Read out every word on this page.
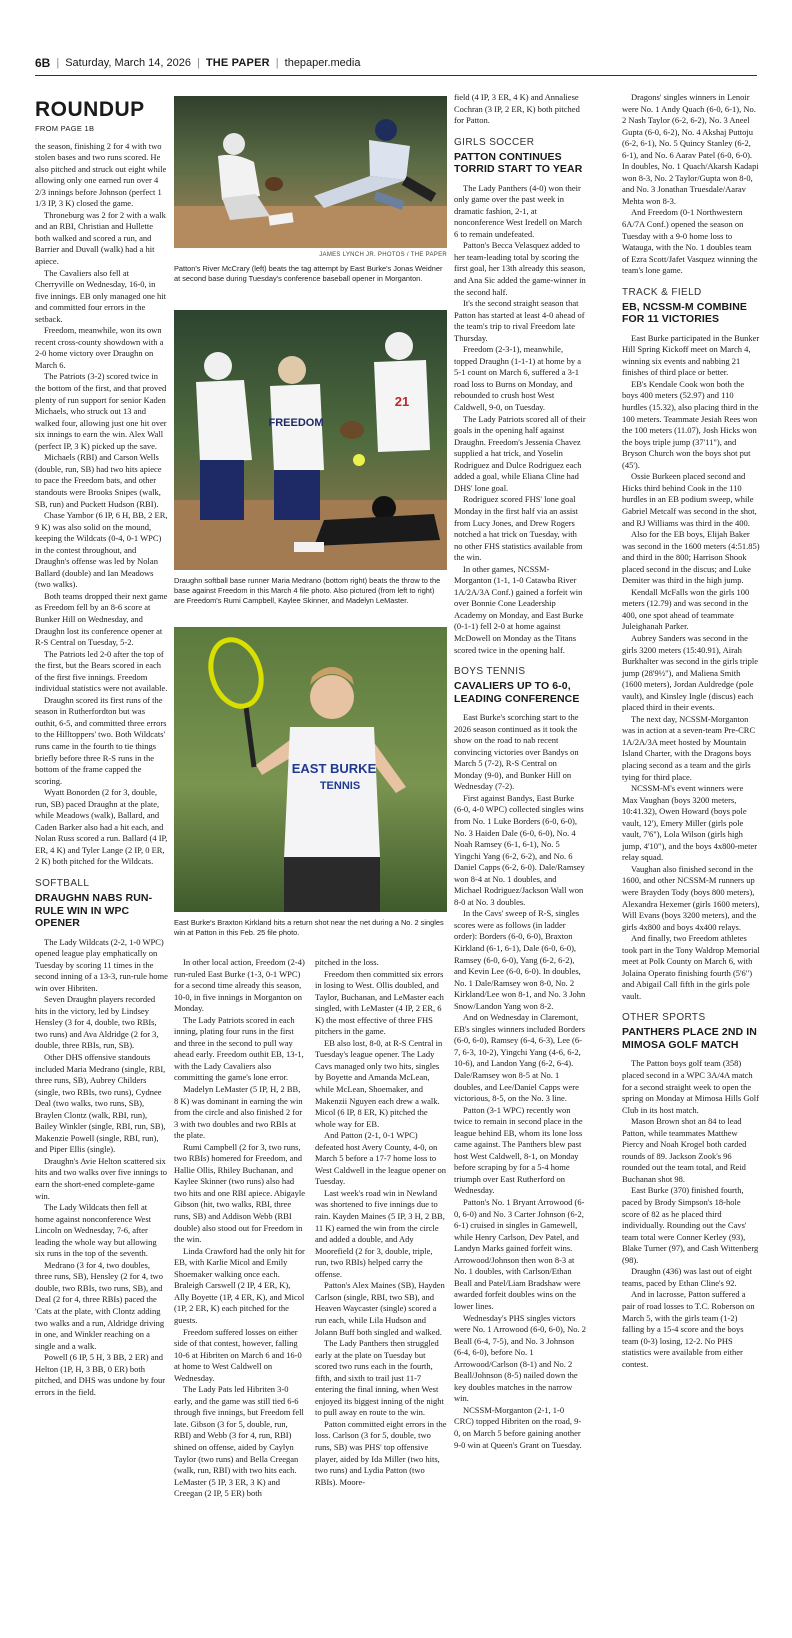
6B | Saturday, March 14, 2026 | THE PAPER | thepaper.media
ROUNDUP
FROM PAGE 1B

the season, finishing 2 for 4 with two stolen bases and two runs scored. He also pitched and struck out eight while allowing only one earned run over 4 2/3 innings before Johnson (perfect 1 1/3 IP, 3 K) closed the game.

Throneburg was 2 for 2 with a walk and an RBI, Christian and Hullette both walked and scored a run, and Barrier and Duvall (walk) had a hit apiece.

The Cavaliers also fell at Cherryville on Wednesday, 16-0, in five innings. EB only managed one hit and committed four errors in the setback.

Freedom, meanwhile, won its own recent cross-county showdown with a 2-0 home victory over Draughn on March 6.

The Patriots (3-2) scored twice in the bottom of the first, and that proved plenty of run support for senior Kaden Michaels, who struck out 13 and walked four, allowing just one hit over six innings to earn the win. Alex Wall (perfect IP, 3 K) picked up the save.

Michaels (RBI) and Carson Wells (double, run, SB) had two hits apiece to pace the Freedom bats, and other standouts were Brooks Snipes (walk, SB, run) and Puckett Hudson (RBI).

Chase Yambor (6 IP, 6 H, BB, 2 ER, 9 K) was also solid on the mound, keeping the Wildcats (0-4, 0-1 WPC) in the contest throughout, and Draughn's offense was led by Nolan Ballard (double) and Ian Meadows (two walks).

Both teams dropped their next game as Freedom fell by an 8-6 score at Bunker Hill on Wednesday, and Draughn lost its conference opener at R-S Central on Tuesday, 5-2.

The Patriots led 2-0 after the top of the first, but the Bears scored in each of the first five innings. Freedom individual statistics were not available.

Draughn scored its first runs of the season in Rutherfordton but was outhit, 6-5, and committed three errors to the Hilltoppers' two. Both Wildcats' runs came in the fourth to tie things briefly before three R-S runs in the bottom of the frame capped the scoring.

Wyatt Bonorden (2 for 3, double, run, SB) paced Draughn at the plate, while Meadows (walk), Ballard, and Caden Barker also had a hit each, and Nolan Russ scored a run. Ballard (4 IP, ER, 4 K) and Tyler Lange (2 IP, 0 ER, 2 K) both pitched for the Wildcats.

SOFTBALL
DRAUGHN NABS RUN-RULE WIN IN WPC OPENER

The Lady Wildcats (2-2, 1-0 WPC) opened league play emphatically on Tuesday by scoring 11 times in the second inning of a 13-3, run-rule home win over Hibriten.

Seven Draughn players recorded hits in the victory, led by Lindsey Hensley (3 for 4, double, two RBIs, two runs) and Ava Aldridge (2 for 3, double, three RBIs, run, SB).

Other DHS offensive standouts included Maria Medrano (single, RBI, three runs, SB), Aubrey Childers (single, two RBIs, two runs), Cydnee Deal (two walks, two runs, SB), Braylen Clontz (walk, RBI, run), Bailey Winkler (single, RBI, run, SB), Makenzie Powell (single, RBI, run), and Piper Ellis (single).

Draughn's Avie Helton scattered six hits and two walks over five innings to earn the short-ened complete-game win.

The Lady Wildcats then fell at home against nonconference West Lincoln on Wednesday, 7-6, after leading the whole way but allowing six runs in the top of the seventh.

Medrano (3 for 4, two doubles, three runs, SB), Hensley (2 for 4, two double, two RBIs, two runs, SB), and Deal (2 for 4, three RBIs) paced the 'Cats at the plate, with Clontz adding two walks and a run, Aldridge driving in one, and Winkler reaching on a single and a walk.

Powell (6 IP, 5 H, 3 BB, 2 ER) and Helton (1P, H, 3 BB, 0 ER) both pitched, and DHS was undone by four errors in the field.

JAMES LYNCH JR. PHOTOS / THE PAPER
Patton's River McCrary (left) beats the tag attempt by East Burke's Jonas Weidner at second base during Tuesday's conference baseball opener in Morganton.
21
FREEDOM
Draughn softball base runner Maria Medrano (bottom right) beats the throw to the base against Freedom in this March 4 file photo. Also pictured (from left to right) are Freedom's Rumi Campbell, Kaylee Skinner, and Madelyn LeMaster.
EAST BURKE
TENNIS
East Burke's Braxton Kirkland hits a return shot near the net during a No. 2 singles win at Patton in this Feb. 25 file photo.

In other local action, Freedom (2-4) run-ruled East Burke (1-3, 0-1 WPC) for a second time already this season, 10-0, in five innings in Morganton on Monday.

The Lady Patriots scored in each inning, plating four runs in the first and three in the second to pull way ahead early. Freedom outhit EB, 13-1, with the Lady Cavaliers also committing the game's lone error.

Madelyn LeMaster (5 IP, H, 2 BB, 8 K) was dominant in earning the win from the circle and also finished 2 for 3 with two doubles and two RBIs at the plate.

Rumi Campbell (2 for 3, two runs, two RBIs) homered for Freedom, and Hallie Ollis, Rhiley Buchanan, and Kaylee Skinner (two runs) also had two hits and one RBI apiece. Abigayle Gibson (hit, two walks, RBI, three runs, SB) and Addison Webb (RBI double) also stood out for Freedom in the win.

Linda Crawford had the only hit for EB, with Karlie Micol and Emily Shoemaker walking once each. Braleigh Carswell (2 IP, 4 ER, K), Ally Boyette (1P, 4 ER, K), and Micol (1P, 2 ER, K) each pitched for the guests.

Freedom suffered losses on either side of that contest, however, falling 10-6 at Hibriten on March 6 and 16-0 at home to West Caldwell on Wednesday.

The Lady Pats led Hibriten 3-0 early, and the game was still tied 6-6 through five innings, but Freedom fell late. Gibson (3 for 5, double, run, RBI) and Webb (3 for 4, run, RBI) shined on offense, aided by Caylyn Taylor (two runs) and Bella Creegan (walk, run, RBI) with two hits each. LeMaster (5 IP, 3 ER, 3 K) and Creegan (2 IP, 5 ER) both

pitched in the loss.

Freedom then committed six errors in losing to West. Ollis doubled, and Taylor, Buchanan, and LeMaster each singled, with LeMaster (4 IP, 2 ER, 6 K) the most effective of three FHS pitchers in the game.

EB also lost, 8-0, at R-S Central in Tuesday's league opener. The Lady Cavs managed only two hits, singles by Boyette and Amanda McLean, while McLean, Shoemaker, and Makenzii Nguyen each drew a walk. Micol (6 IP, 8 ER, K) pitched the whole way for EB.

And Patton (2-1, 0-1 WPC) defeated host Avery County, 4-0, on March 5 before a 17-7 home loss to West Caldwell in the league opener on Tuesday.

Last week's road win in Newland was shortened to five innings due to rain. Kayden Maines (5 IP, 3 H, 2 BB, 11 K) earned the win from the circle and added a double, and Ady Moorefield (2 for 3, double, triple, run, two RBIs) helped carry the offense.

Patton's Alex Maines (SB), Hayden Carlson (single, RBI, two SB), and Heaven Waycaster (single) scored a run each, while Lila Hudson and Jolann Buff both singled and walked.

The Lady Panthers then struggled early at the plate on Tuesday but scored two runs each in the fourth, fifth, and sixth to trail just 11-7 entering the final inning, when West enjoyed its biggest inning of the night to pull away en route to the win.

Patton committed eight errors in the loss. Carlson (3 for 5, double, two runs, SB) was PHS' top offensive player, aided by Ida Miller (two hits, two runs) and Lydia Patton (two RBIs). Moore-

field (4 IP, 3 ER, 4 K) and Annaliese Cochran (3 IP, 2 ER, K) both pitched for Patton.

GIRLS SOCCER
PATTON CONTINUES TORRID START TO YEAR

The Lady Panthers (4-0) won their only game over the past week in dramatic fashion, 2-1, at nonconference West Iredell on March 6 to remain undefeated.

Patton's Becca Velasquez added to her team-leading total by scoring the first goal, her 13th already this season, and Ana Sic added the game-winner in the second half.

It's the second straight season that Patton has started at least 4-0 ahead of the team's trip to rival Freedom late Thursday.

Freedom (2-3-1), meanwhile, topped Draughn (1-1-1) at home by a 5-1 count on March 6, suffered a 3-1 road loss to Burns on Monday, and rebounded to crush host West Caldwell, 9-0, on Tuesday.

The Lady Patriots scored all of their goals in the opening half against Draughn. Freedom's Jessenia Chavez supplied a hat trick, and Yoselin Rodriguez and Dulce Rodriguez each added a goal, while Eliana Cline had DHS' lone goal.

Rodriguez scored FHS' lone goal Monday in the first half via an assist from Lucy Jones, and Drew Rogers notched a hat trick on Tuesday, with no other FHS statistics available from the win.

In other games, NCSSM-Morganton (1-1, 1-0 Catawba River 1A/2A/3A Conf.) gained a forfeit win over Bonnie Cone Leadership Academy on Monday, and East Burke (0-1-1) fell 2-0 at home against McDowell on Monday as the Titans scored twice in the opening half.

BOYS TENNIS
CAVALIERS UP TO 6-0, LEADING CONFERENCE

East Burke's scorching start to the 2026 season continued as it took the show on the road to nab recent convincing victories over Bandys on March 5 (7-2), R-S Central on Monday (9-0), and Bunker Hill on Wednesday (7-2).

First against Bandys, East Burke (6-0, 4-0 WPC) collected singles wins from No. 1 Luke Borders (6-0, 6-0), No. 3 Haiden Dale (6-0, 6-0), No. 4 Noah Ramsey (6-1, 6-1), No. 5 Yingchi Yang (6-2, 6-2), and No. 6 Daniel Capps (6-2, 6-0). Dale/Ramsey won 8-4 at No. 1 doubles, and Michael Rodriguez/Jackson Wall won 8-0 at No. 3 doubles.

In the Cavs' sweep of R-S, singles scores were as follows (in ladder order): Borders (6-0, 6-0), Braxton Kirkland (6-1, 6-1), Dale (6-0, 6-0), Ramsey (6-0, 6-0), Yang (6-2, 6-2), and Kevin Lee (6-0, 6-0). In doubles, No. 1 Dale/Ramsey won 8-0, No. 2 Kirkland/Lee won 8-1, and No. 3 John Snow/Landon Yang won 8-2.

And on Wednesday in Claremont, EB's singles winners included Borders (6-0, 6-0), Ramsey (6-4, 6-3), Lee (6-7, 6-3, 10-2), Yingchi Yang (4-6, 6-2, 10-6), and Landon Yang (6-2, 6-4). Dale/Ramsey won 8-5 at No. 1 doubles, and Lee/Daniel Capps were victorious, 8-5, on the No. 3 line.

Patton (3-1 WPC) recently won twice to remain in second place in the league behind EB, whom its lone loss came against. The Panthers blew past host West Caldwell, 8-1, on Monday before scraping by for a 5-4 home triumph over East Rutherford on Wednesday.

Patton's No. 1 Bryant Arrowood (6-0, 6-0) and No. 3 Carter Johnson (6-2, 6-1) cruised in singles in Gamewell, while Henry Carlson, Dev Patel, and Landyn Marks gained forfeit wins. Arrowood/Johnson then won 8-3 at No. 1 doubles, with Carlson/Ethan Beall and Patel/Liam Bradshaw were awarded forfeit doubles wins on the lower lines.

Wednesday's PHS singles victors were No. 1 Arrowood (6-0, 6-0), No. 2 Beall (6-4, 7-5), and No. 3 Johnson (6-4, 6-0), before No. 1 Arrowood/Carlson (8-1) and No. 2 Beall/Johnson (8-5) nailed down the key doubles matches in the narrow win.

NCSSM-Morganton (2-1, 1-0 CRC) topped Hibriten on the road, 9-0, on March 5 before gaining another 9-0 win at Queen's Grant on Tuesday.

Dragons' singles winners in Lenoir were No. 1 Andy Quach (6-0, 6-1), No. 2 Nash Taylor (6-2, 6-2), No. 3 Aneel Gupta (6-0, 6-2), No. 4 Akshaj Puttoju (6-2, 6-1), No. 5 Quincy Stanley (6-2, 6-1), and No. 6 Aarav Patel (6-0, 6-0). In doubles, No. 1 Quach/Akarsh Kadapi won 8-3, No. 2 Taylor/Gupta won 8-0, and No. 3 Jonathan Truesdale/Aarav Mehta won 8-3.

And Freedom (0-1 Northwestern 6A/7A Conf.) opened the season on Tuesday with a 9-0 home loss to Watauga, with the No. 1 doubles team of Ezra Scott/Jafet Vasquez winning the team's lone game.

TRACK & FIELD
EB, NCSSM-M COMBINE FOR 11 VICTORIES

East Burke participated in the Bunker Hill Spring Kickoff meet on March 4, winning six events and nabbing 21 finishes of third place or better.

EB's Kendale Cook won both the boys 400 meters (52.97) and 110 hurdles (15.32), also placing third in the 100 meters. Teammate Jesiah Rees won the 100 meters (11.07), Josh Hicks won the boys triple jump (37'11"), and Bryson Church won the boys shot put (45').

Ossie Burkeen placed second and Hicks third behind Cook in the 110 hurdles in an EB podium sweep, while Gabriel Metcalf was second in the shot, and RJ Williams was third in the 400.

Also for the EB boys, Elijah Baker was second in the 1600 meters (4:51.85) and third in the 800; Harrison Shook placed second in the discus; and Luke Demiter was third in the high jump.

Kendall McFalls won the girls 100 meters (12.79) and was second in the 400, one spot ahead of teammate Juleighanah Parker.

Aubrey Sanders was second in the girls 3200 meters (15:40.91), Airah Burkhalter was second in the girls triple jump (28'9½"), and Maliena Smith (1600 meters), Jordan Auldredge (pole vault), and Kinsley Ingle (discus) each placed third in their events.

The next day, NCSSM-Morganton was in action at a seven-team Pre-CRC 1A/2A/3A meet hosted by Mountain Island Charter, with the Dragons boys placing second as a team and the girls tying for third place.

NCSSM-M's event winners were Max Vaughan (boys 3200 meters, 10:41.32), Owen Howard (boys pole vault, 12'), Emery Miller (girls pole vault, 7'6"), Lola Wilson (girls high jump, 4'10"), and the boys 4x800-meter relay squad.

Vaughan also finished second in the 1600, and other NCSSM-M runners up were Brayden Tody (boys 800 meters), Alexandra Hexemer (girls 1600 meters), Will Evans (boys 3200 meters), and the girls 4x800 and boys 4x400 relays.

And finally, two Freedom athletes took part in the Tony Waldrop Memorial meet at Polk County on March 6, with Jolaina Operato finishing fourth (5'6") and Abigail Call fifth in the girls pole vault.

OTHER SPORTS
PANTHERS PLACE 2ND IN MIMOSA GOLF MATCH

The Patton boys golf team (358) placed second in a WPC 3A/4A match for a second straight week to open the spring on Monday at Mimosa Hills Golf Club in its host match.

Mason Brown shot an 84 to lead Patton, while teammates Matthew Piercy and Noah Krogel both carded rounds of 89. Jackson Zook's 96 rounded out the team total, and Reid Buchanan shot 98.

East Burke (370) finished fourth, paced by Brody Simpson's 18-hole score of 82 as he placed third individually. Rounding out the Cavs' team total were Conner Kerley (93), Blake Turner (97), and Cash Wittenberg (98).

Draughn (436) was last out of eight teams, paced by Ethan Cline's 92.

And in lacrosse, Patton suffered a pair of road losses to T.C. Roberson on March 5, with the girls team (1-2) falling by a 15-4 score and the boys team (0-3) losing, 12-2. No PHS statistics were available from either contest.
